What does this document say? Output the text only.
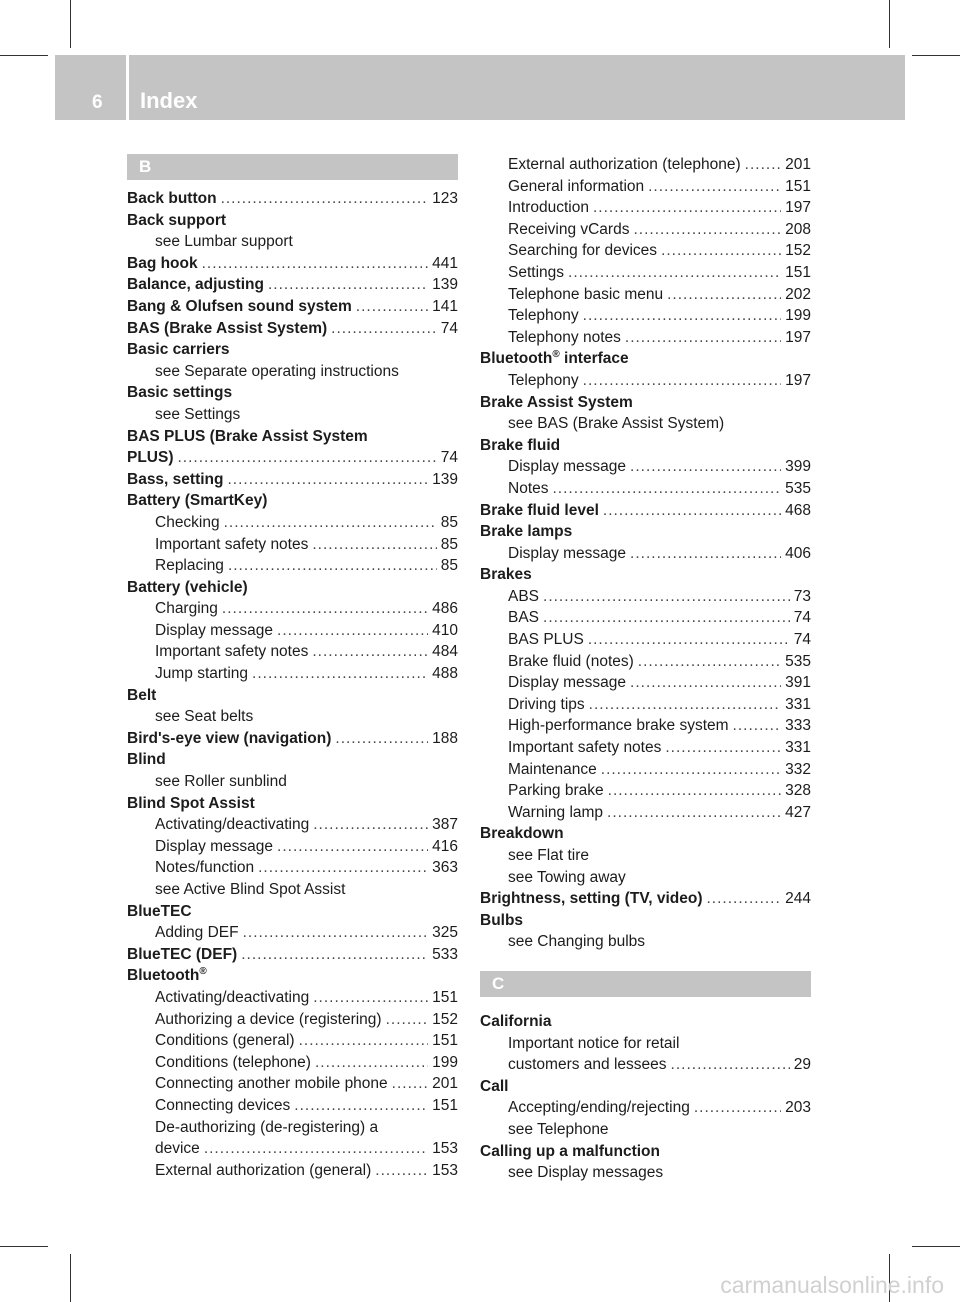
6 Index
B
Back button .....	123
Back support
see Lumbar support
Bag hook .....	441
Balance, adjusting .....	139
Bang & Olufsen sound system .....	141
BAS (Brake Assist System) .....	74
Basic carriers
see Separate operating instructions
Basic settings
see Settings
BAS PLUS (Brake Assist System
PLUS) .....	74
Bass, setting .....	139
Battery (SmartKey)
Checking .....	85
Important safety notes .....	85
Replacing .....	85
Battery (vehicle)
Charging .....	486
Display message .....	410
Important safety notes .....	484
Jump starting .....	488
Belt
see Seat belts
Bird's-eye view (navigation) .....	188
Blind
see Roller sunblind
Blind Spot Assist
Activating/deactivating .....	387
Display message .....	416
Notes/function .....	363
see Active Blind Spot Assist
BlueTEC
Adding DEF .....	325
BlueTEC (DEF) .....	533
Bluetooth®
Activating/deactivating .....	151
Authorizing a device (registering) .....	152
Conditions (general) .....	151
Conditions (telephone) .....	199
Connecting another mobile phone .....	201
Connecting devices .....	151
De-authorizing (de-registering) a
device .....	153
External authorization (general) .....	153
External authorization (telephone) .....	201
General information .....	151
Introduction .....	197
Receiving vCards .....	208
Searching for devices .....	152
Settings .....	151
Telephone basic menu .....	202
Telephony .....	199
Telephony notes .....	197
Bluetooth® interface
Telephony .....	197
Brake Assist System
see BAS (Brake Assist System)
Brake fluid
Display message .....	399
Notes .....	535
Brake fluid level .....	468
Brake lamps
Display message .....	406
Brakes
ABS .....	73
BAS .....	74
BAS PLUS .....	74
Brake fluid (notes) .....	535
Display message .....	391
Driving tips .....	331
High-performance brake system .....	333
Important safety notes .....	331
Maintenance .....	332
Parking brake .....	328
Warning lamp .....	427
Breakdown
see Flat tire
see Towing away
Brightness, setting (TV, video) .....	244
Bulbs
see Changing bulbs
C
California
Important notice for retail
customers and lessees .....	29
Call
Accepting/ending/rejecting .....	203
see Telephone
Calling up a malfunction
see Display messages
carmanualsonline.info
